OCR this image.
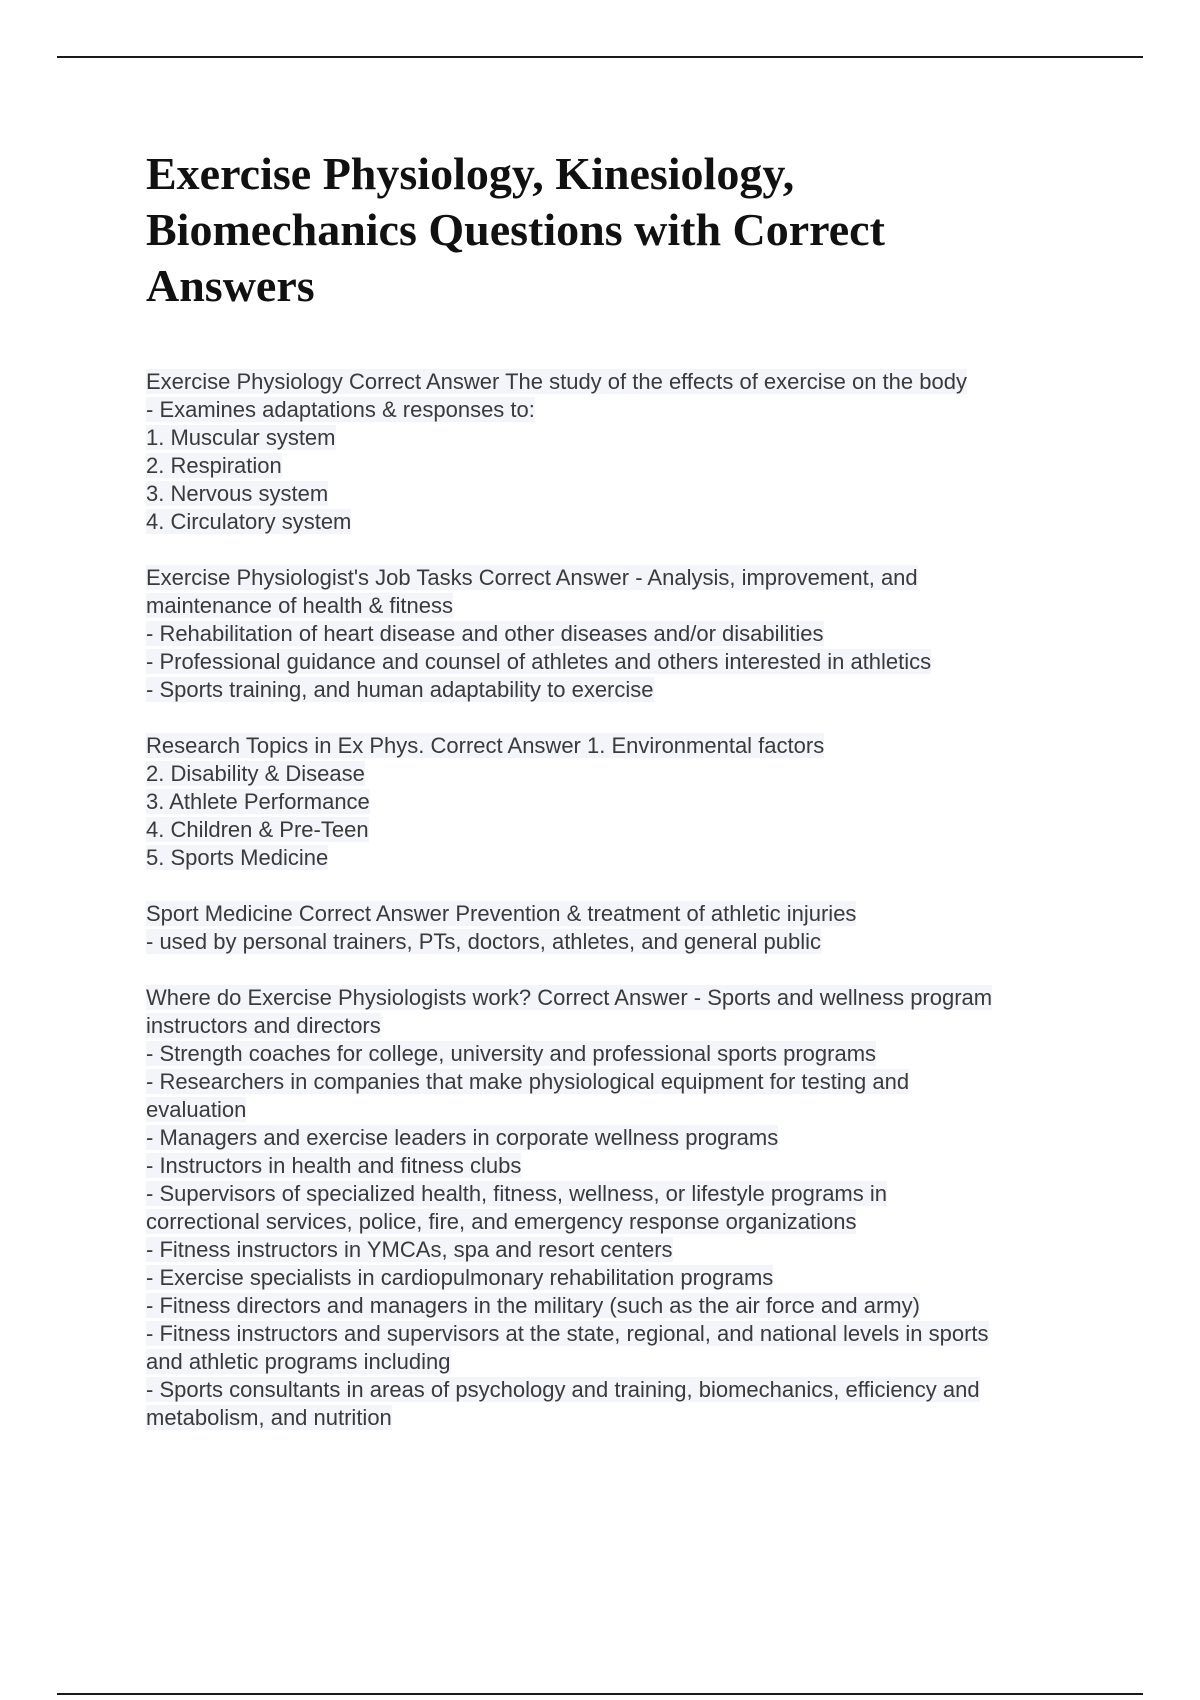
Exercise Physiology, Kinesiology,
Biomechanics Questions with Correct
Answers
Exercise Physiology Correct Answer The study of the effects of exercise on the body
- Examines adaptations & responses to:
1. Muscular system
2. Respiration
3. Nervous system
4. Circulatory system
Exercise Physiologist's Job Tasks Correct Answer - Analysis, improvement, and
maintenance of health & fitness
- Rehabilitation of heart disease and other diseases and/or disabilities
- Professional guidance and counsel of athletes and others interested in athletics
- Sports training, and human adaptability to exercise
Research Topics in Ex Phys. Correct Answer 1. Environmental factors
2. Disability & Disease
3. Athlete Performance
4. Children & Pre-Teen
5. Sports Medicine
Sport Medicine Correct Answer Prevention & treatment of athletic injuries
- used by personal trainers, PTs, doctors, athletes, and general public
Where do Exercise Physiologists work? Correct Answer - Sports and wellness program
instructors and directors
- Strength coaches for college, university and professional sports programs
- Researchers in companies that make physiological equipment for testing and
evaluation
- Managers and exercise leaders in corporate wellness programs
- Instructors in health and fitness clubs
- Supervisors of specialized health, fitness, wellness, or lifestyle programs in
correctional services, police, fire, and emergency response organizations
- Fitness instructors in YMCAs, spa and resort centers
- Exercise specialists in cardiopulmonary rehabilitation programs
- Fitness directors and managers in the military (such as the air force and army)
- Fitness instructors and supervisors at the state, regional, and national levels in sports
and athletic programs including
- Sports consultants in areas of psychology and training, biomechanics, efficiency and
metabolism, and nutrition
